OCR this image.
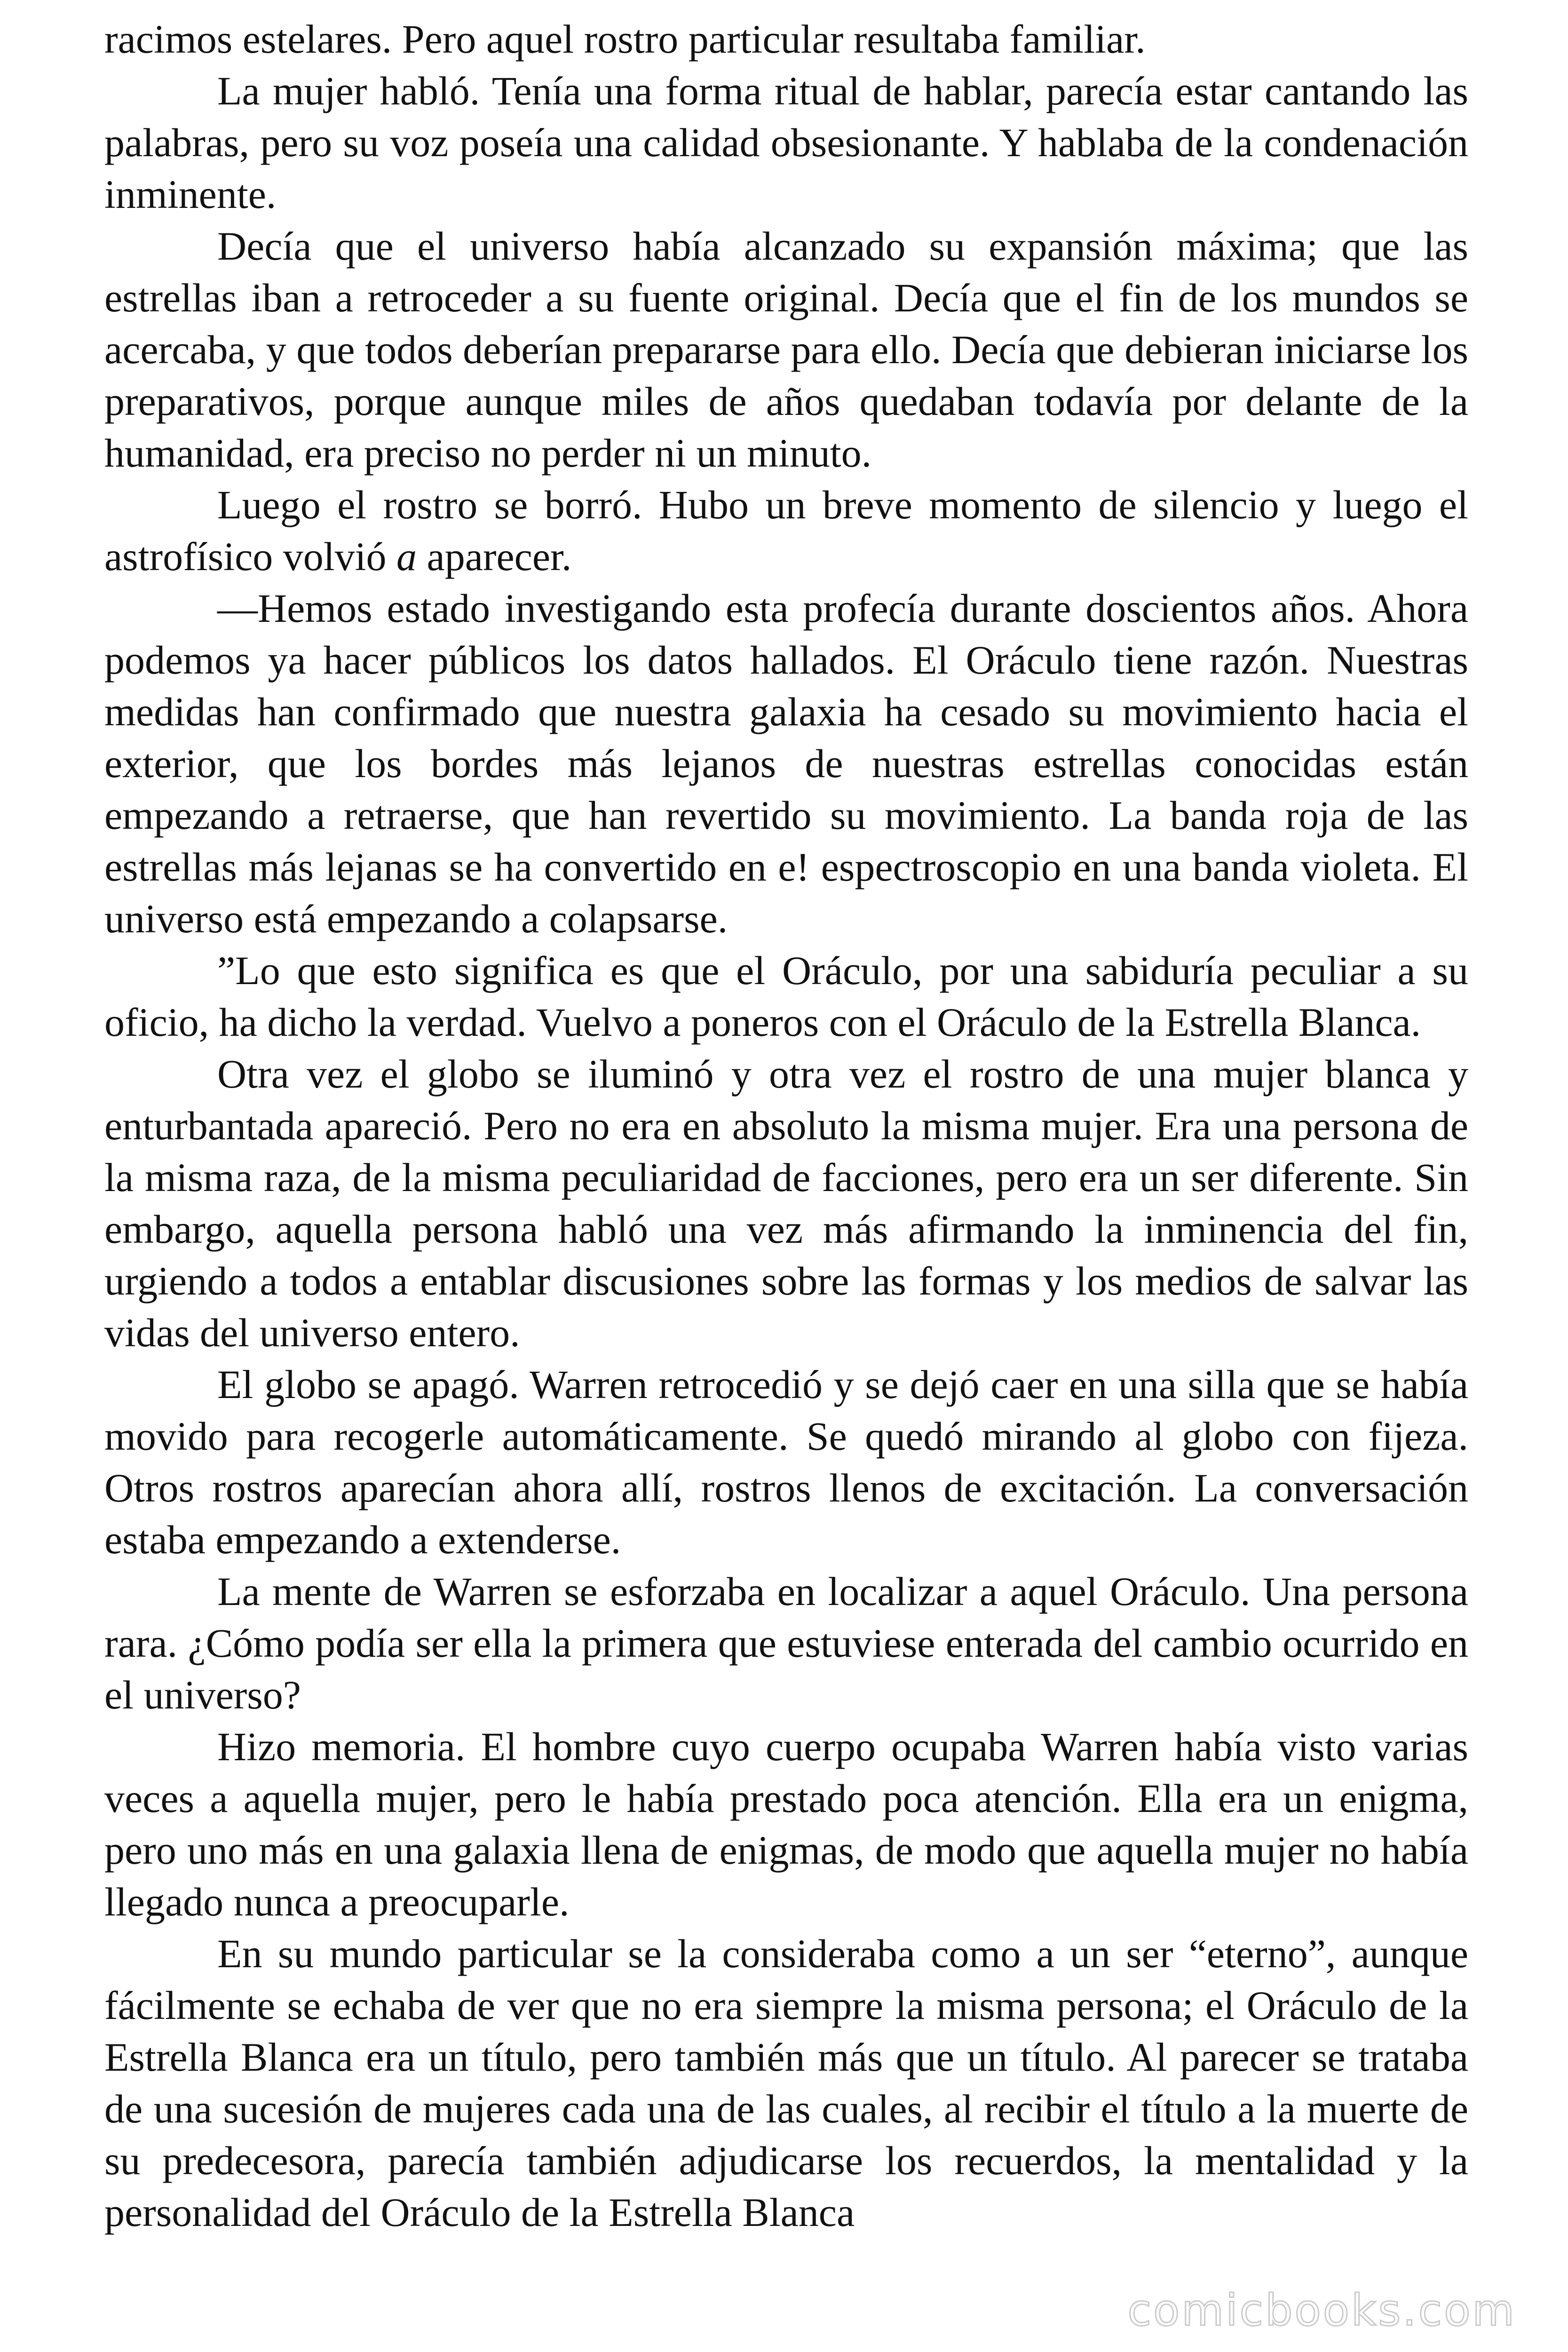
racimos estelares. Pero aquel rostro particular resultaba familiar.

La mujer habló. Tenía una forma ritual de hablar, parecía estar cantando las palabras, pero su voz poseía una calidad obsesionante. Y hablaba de la condenación inminente.

Decía que el universo había alcanzado su expansión máxima; que las estrellas iban a retroceder a su fuente original. Decía que el fin de los mundos se acercaba, y que todos deberían prepararse para ello. Decía que debieran iniciarse los preparativos, porque aunque miles de años quedaban todavía por delante de la humanidad, era preciso no perder ni un minuto.

Luego el rostro se borró. Hubo un breve momento de silencio y luego el astrofísico volvió a aparecer.

—Hemos estado investigando esta profecía durante doscientos años. Ahora podemos ya hacer públicos los datos hallados. El Oráculo tiene razón. Nuestras medidas han confirmado que nuestra galaxia ha cesado su movimiento hacia el exterior, que los bordes más lejanos de nuestras estrellas conocidas están empezando a retraerse, que han revertido su movimiento. La banda roja de las estrellas más lejanas se ha convertido en e! espectroscopio en una banda violeta. El universo está empezando a colapsarse.

”Lo que esto significa es que el Oráculo, por una sabiduría peculiar a su oficio, ha dicho la verdad. Vuelvo a poneros con el Oráculo de la Estrella Blanca.

Otra vez el globo se iluminó y otra vez el rostro de una mujer blanca y enturbantada apareció. Pero no era en absoluto la misma mujer. Era una persona de la misma raza, de la misma peculiaridad de facciones, pero era un ser diferente. Sin embargo, aquella persona habló una vez más afirmando la inminencia del fin, urgiendo a todos a entablar discusiones sobre las formas y los medios de salvar las vidas del universo entero.

El globo se apagó. Warren retrocedió y se dejó caer en una silla que se había movido para recogerle automáticamente. Se quedó mirando al globo con fijeza. Otros rostros aparecían ahora allí, rostros llenos de excitación. La conversación estaba empezando a extenderse.

La mente de Warren se esforzaba en localizar a aquel Oráculo. Una persona rara. ¿Cómo podía ser ella la primera que estuviese enterada del cambio ocurrido en el universo?

Hizo memoria. El hombre cuyo cuerpo ocupaba Warren había visto varias veces a aquella mujer, pero le había prestado poca atención. Ella era un enigma, pero uno más en una galaxia llena de enigmas, de modo que aquella mujer no había llegado nunca a preocuparle.

En su mundo particular se la consideraba como a un ser “eterno”, aunque fácilmente se echaba de ver que no era siempre la misma persona; el Oráculo de la Estrella Blanca era un título, pero también más que un título. Al parecer se trataba de una sucesión de mujeres cada una de las cuales, al recibir el título a la muerte de su predecesora, parecía también adjudicarse los recuerdos, la mentalidad y la personalidad del Oráculo de la Estrella Blanca

comicbooks.com
